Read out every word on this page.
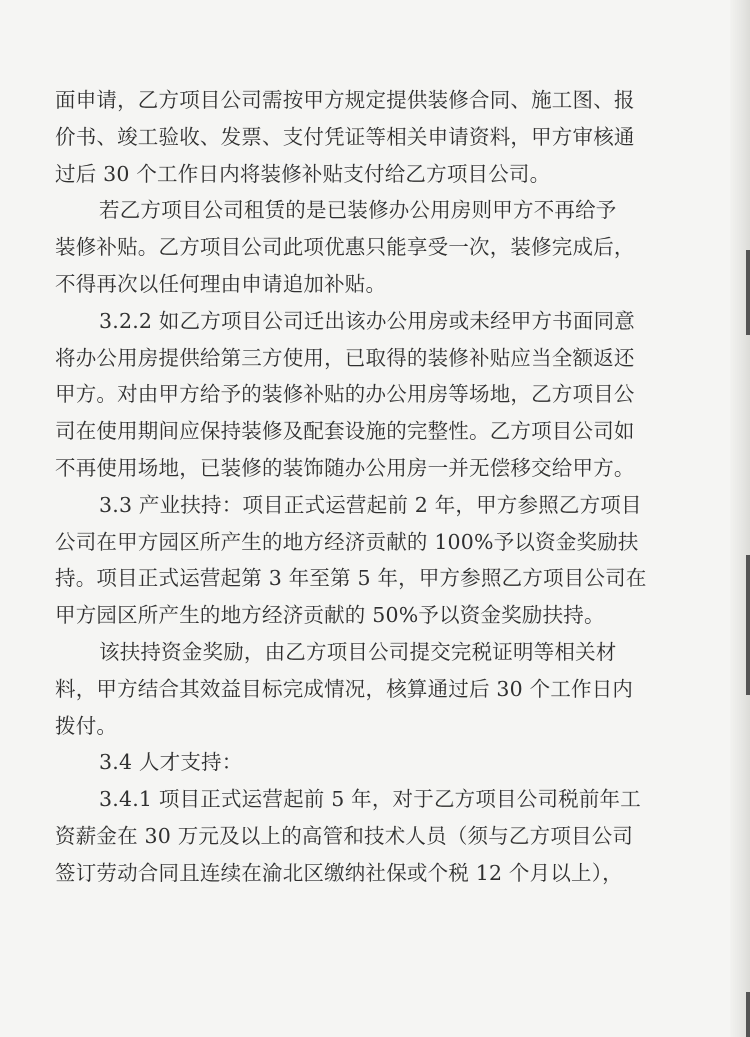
面申请，乙方项目公司需按甲方规定提供装修合同、施工图、报
价书、竣工验收、发票、支付凭证等相关申请资料，甲方审核通
过后 30 个工作日内将装修补贴支付给乙方项目公司。
若乙方项目公司租赁的是已装修办公用房则甲方不再给予
装修补贴。乙方项目公司此项优惠只能享受一次，装修完成后，
不得再次以任何理由申请追加补贴。
3.2.2 如乙方项目公司迁出该办公用房或未经甲方书面同意
将办公用房提供给第三方使用，已取得的装修补贴应当全额返还
甲方。对由甲方给予的装修补贴的办公用房等场地，乙方项目公
司在使用期间应保持装修及配套设施的完整性。乙方项目公司如
不再使用场地，已装修的装饰随办公用房一并无偿移交给甲方。
3.3 产业扶持：项目正式运营起前 2 年，甲方参照乙方项目
公司在甲方园区所产生的地方经济贡献的 100%予以资金奖励扶
持。项目正式运营起第 3 年至第 5 年，甲方参照乙方项目公司在
甲方园区所产生的地方经济贡献的 50%予以资金奖励扶持。
该扶持资金奖励，由乙方项目公司提交完税证明等相关材
料，甲方结合其效益目标完成情况，核算通过后 30 个工作日内
拨付。
3.4 人才支持：
3.4.1 项目正式运营起前 5 年，对于乙方项目公司税前年工
资薪金在 30 万元及以上的高管和技术人员（须与乙方项目公司
签订劳动合同且连续在渝北区缴纳社保或个税 12 个月以上），
